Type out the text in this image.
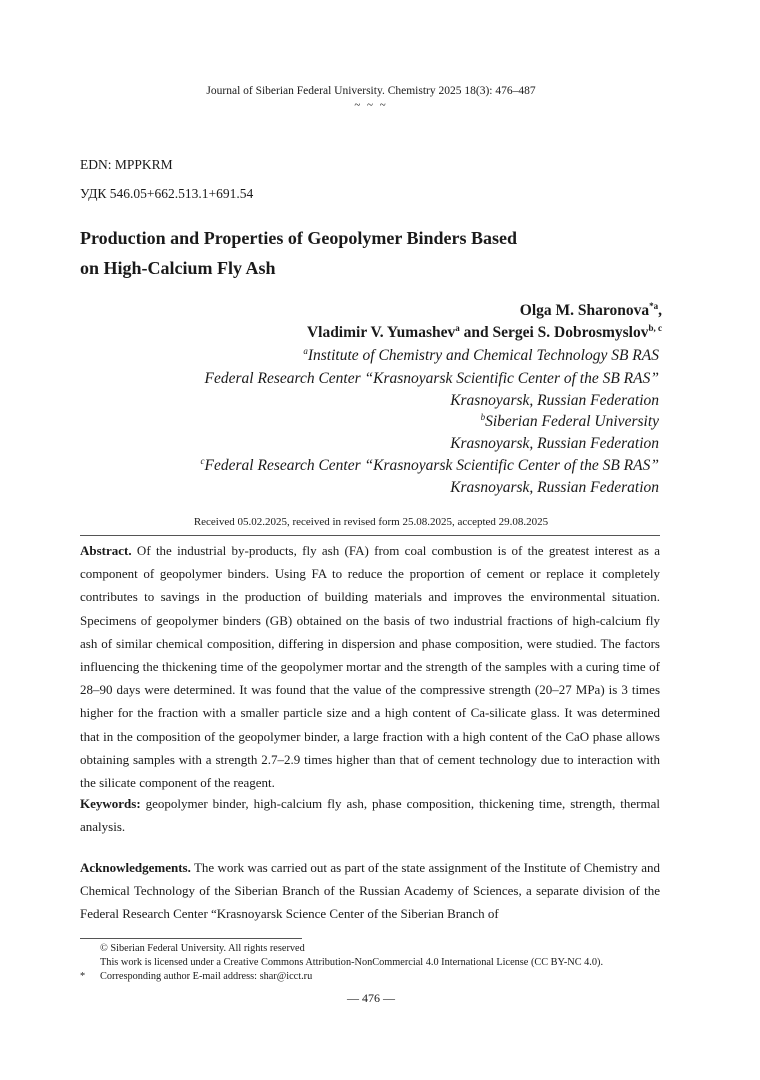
Journal of Siberian Federal University. Chemistry 2025 18(3): 476–487
~ ~ ~
EDN: MPPKRM
УДК 546.05+662.513.1+691.54
Production and Properties of Geopolymer Binders Based
on High-Calcium Fly Ash
Olga M. Sharonova$^{*a}$,
Vladimir V. Yumashev$^a$ and Sergei S. Dobrosmyslov$^{b, c}$
$^a$Institute of Chemistry and Chemical Technology SB RAS
Federal Research Center “Krasnoyarsk Scientific Center of the SB RAS”
Krasnoyarsk, Russian Federation
$^b$Siberian Federal University
Krasnoyarsk, Russian Federation
$^c$Federal Research Center “Krasnoyarsk Scientific Center of the SB RAS”
Krasnoyarsk, Russian Federation
Received 05.02.2025, received in revised form 25.08.2025, accepted 29.08.2025
Abstract. Of the industrial by-products, fly ash (FA) from coal combustion is of the greatest interest as a component of geopolymer binders. Using FA to reduce the proportion of cement or replace it completely contributes to savings in the production of building materials and improves the environmental situation. Specimens of geopolymer binders (GB) obtained on the basis of two industrial fractions of high-calcium fly ash of similar chemical composition, differing in dispersion and phase composition, were studied. The factors influencing the thickening time of the geopolymer mortar and the strength of the samples with a curing time of 28–90 days were determined. It was found that the value of the compressive strength (20–27 MPa) is 3 times higher for the fraction with a smaller particle size and a high content of Ca-silicate glass. It was determined that in the composition of the geopolymer binder, a large fraction with a high content of the CaO phase allows obtaining samples with a strength 2.7–2.9 times higher than that of cement technology due to interaction with the silicate component of the reagent.
Keywords: geopolymer binder, high-calcium fly ash, phase composition, thickening time, strength, thermal analysis.
Acknowledgements. The work was carried out as part of the state assignment of the Institute of Chemistry and Chemical Technology of the Siberian Branch of the Russian Academy of Sciences, a separate division of the Federal Research Center “Krasnoyarsk Science Center of the Siberian Branch of
© Siberian Federal University. All rights reserved
This work is licensed under a Creative Commons Attribution-NonCommercial 4.0 International License (CC BY-NC 4.0).
* Corresponding author E-mail address: shar@icct.ru
— 476 —
